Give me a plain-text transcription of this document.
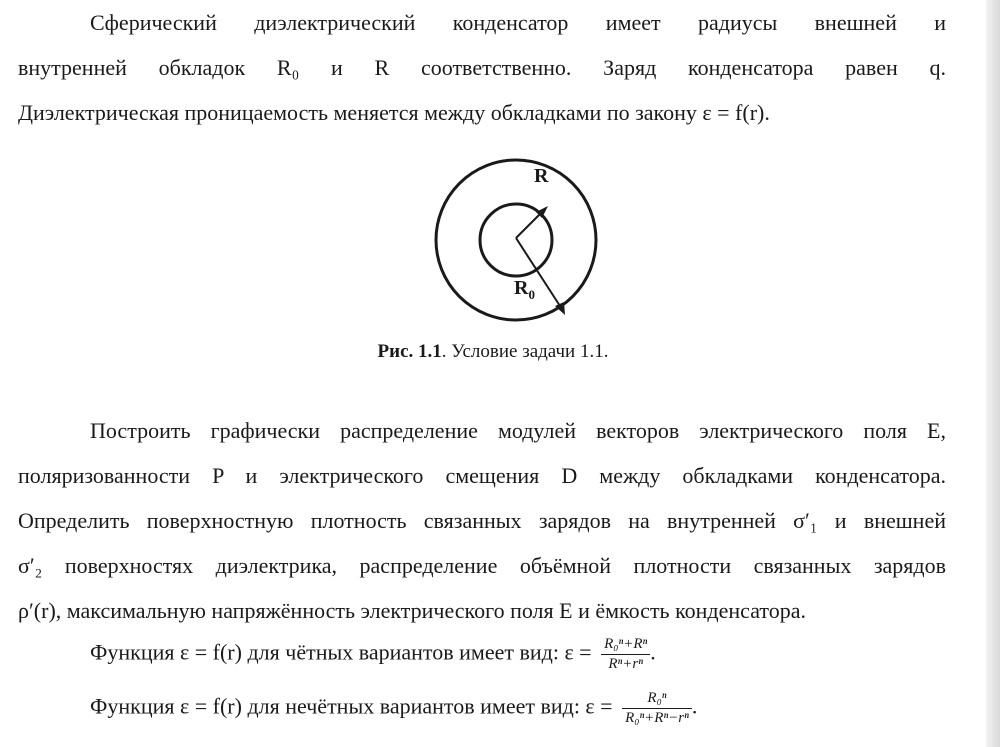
Сферический диэлектрический конденсатор имеет радиусы внешней и
внутренней обкладок R₀ и R соответственно. Заряд конденсатора равен q.
Диэлектрическая проницаемость меняется между обкладками по закону ε = f(r).
R
$R_0$
Рис. 1.1. Условие задачи 1.1.
Построить графически распределение модулей векторов электрического поля E,
поляризованности P и электрического смещения D между обкладками конденсатора.
Определить поверхностную плотность связанных зарядов на внутренней σ′₁ и внешней
σ′₂ поверхностях диэлектрика, распределение объёмной плотности связанных зарядов
ρ′(r), максимальную напряжённость электрического поля E и ёмкость конденсатора.
Функция ε = f(r) для чётных вариантов имеет вид: $\varepsilon = \frac{\text{R₀ⁿ+Rⁿ}}{\text{Rⁿ+rⁿ}}$ .
Функция ε = f(r) для нечётных вариантов имеет вид: $\varepsilon = \frac{\text{R₀ⁿ}}{\text{R₀ⁿ+Rⁿ−rⁿ}}$ .
